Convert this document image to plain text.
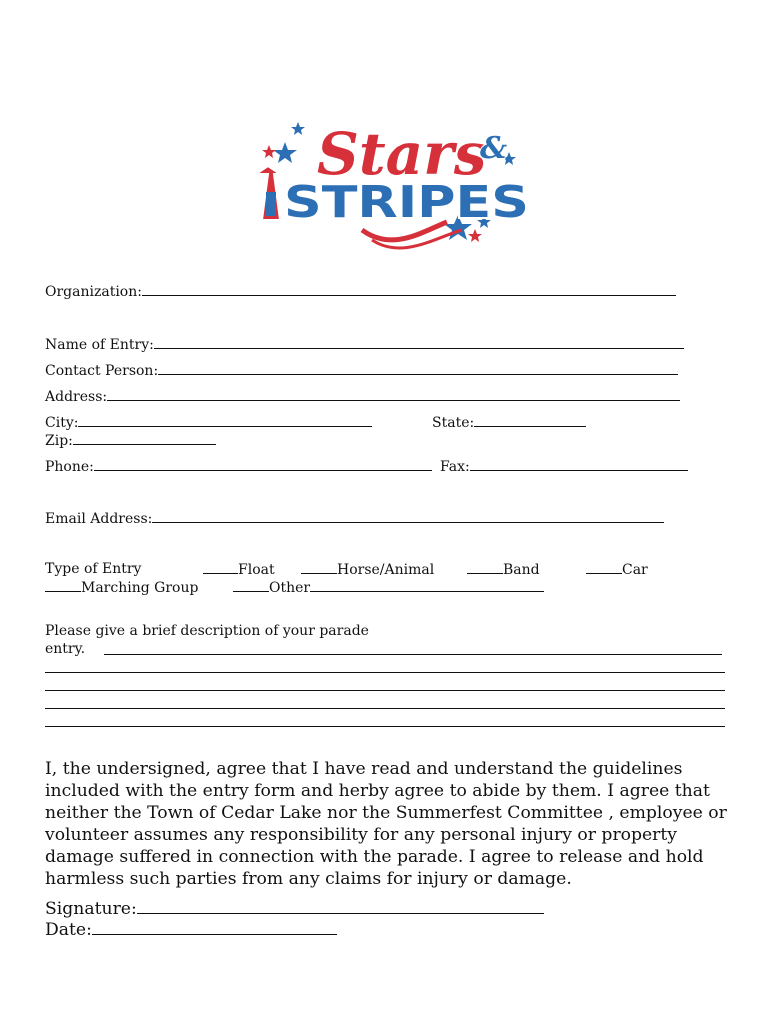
Stars
&
STRIPES
Organization:
Name of Entry:
Contact Person:
Address:
City:	State:
Zip:
Phone:	Fax:
Email Address:
Type of Entry	Float	Horse/Animal	Band	Car
Marching Group	Other
Please give a brief description of your parade
entry.
I, the undersigned, agree that I have read and understand the guidelines included with the entry form and herby agree to abide by them. I agree that neither the Town of Cedar Lake nor the Summerfest Committee , employee or volunteer assumes any responsibility for any personal injury or property damage suffered in connection with the parade. I agree to release and hold harmless such parties from any claims for injury or damage.
Signature:
Date:
